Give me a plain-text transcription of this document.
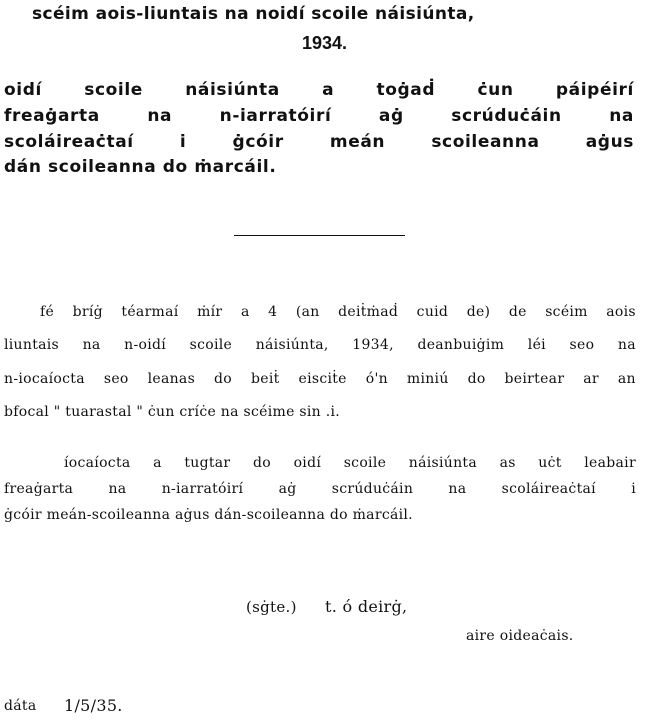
scéim aois-liuntais na noidí scoile náisiúnta,
1934.
oidí scoile náisiúnta a toġaḋ ċun páipéirí
freaġarta	na	n-iarratóirí	aġ	scrúduċáin	na
scoláireaċtaí	i	ġcóir	meán	scoileanna	aġus
dán scoileanna do ṁarcáil.
fé bríġ téarmaí ṁír a 4 (an deiṫṁaḋ cuid de) de scéim aois
liuntais na n-oidí scoile náisiúnta, 1934, deanbuiġim léi seo na
n-iocaíocta seo leanas do beiṫ eisciṫe ó'n miniú do beirtear ar an
bfocal " tuarastal " ċun críċe na scéime sin .i.
íocaíocta a tugtar do oidí scoile náisiúnta as uċt leabair
freaġarta	na	n-iarratóirí	aġ	scrúduċáin	na	scoláireaċtaí	i
ġcóir meán-scoileanna aġus dán-scoileanna do ṁarcáil.
(sġte.) t. ó deirġ,
aire oideaċais.
dáta 1/5/35.
